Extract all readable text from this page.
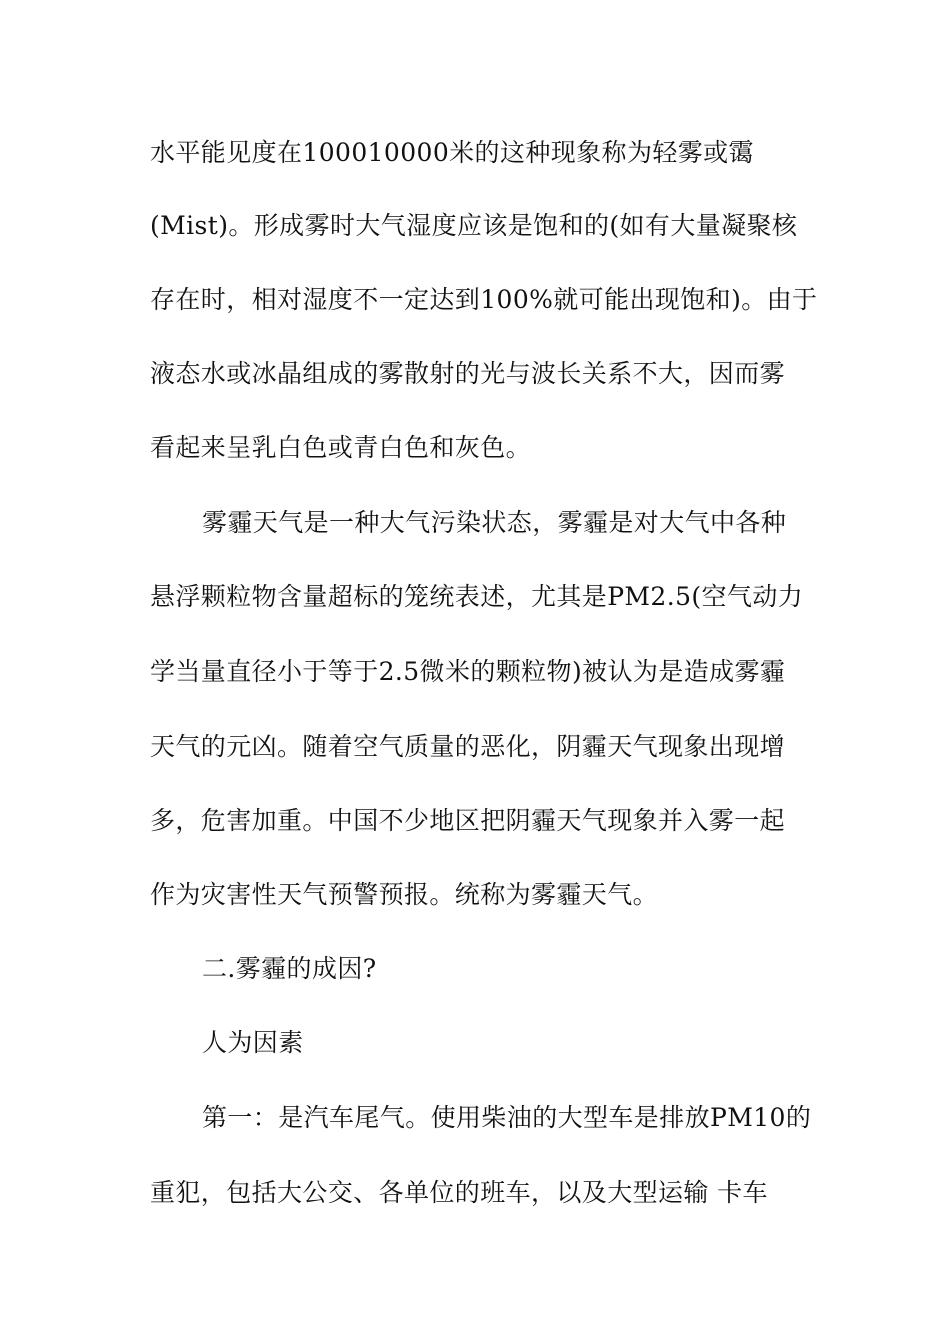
水平能见度在100010000米的这种现象称为轻雾或霭
(Mist)。形成雾时大气湿度应该是饱和的(如有大量凝聚核
存在时，相对湿度不一定达到100%就可能出现饱和)。由于
液态水或冰晶组成的雾散射的光与波长关系不大，因而雾
看起来呈乳白色或青白色和灰色。
雾霾天气是一种大气污染状态，雾霾是对大气中各种
悬浮颗粒物含量超标的笼统表述，尤其是PM2.5(空气动力
学当量直径小于等于2.5微米的颗粒物)被认为是造成雾霾
天气的元凶。随着空气质量的恶化，阴霾天气现象出现增
多，危害加重。中国不少地区把阴霾天气现象并入雾一起
作为灾害性天气预警预报。统称为雾霾天气。
二.雾霾的成因?
人为因素
第一：是汽车尾气。使用柴油的大型车是排放PM10的
重犯，包括大公交、各单位的班车，以及大型运输 卡车
